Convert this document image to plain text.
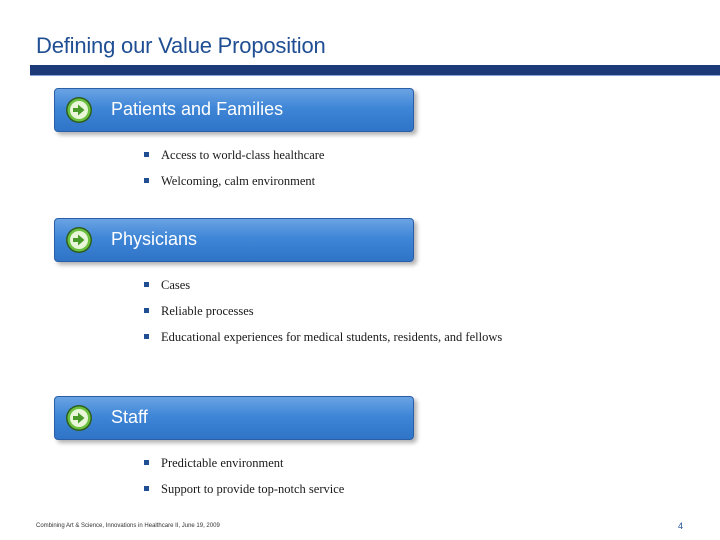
Defining our Value Proposition
Patients and Families
Access to world-class healthcare
Welcoming, calm environment
Physicians
Cases
Reliable processes
Educational experiences for medical students, residents, and fellows
Staff
Predictable environment
Support to provide top-notch service
Combining Art & Science, Innovations in Healthcare II, June 19, 2009	4
